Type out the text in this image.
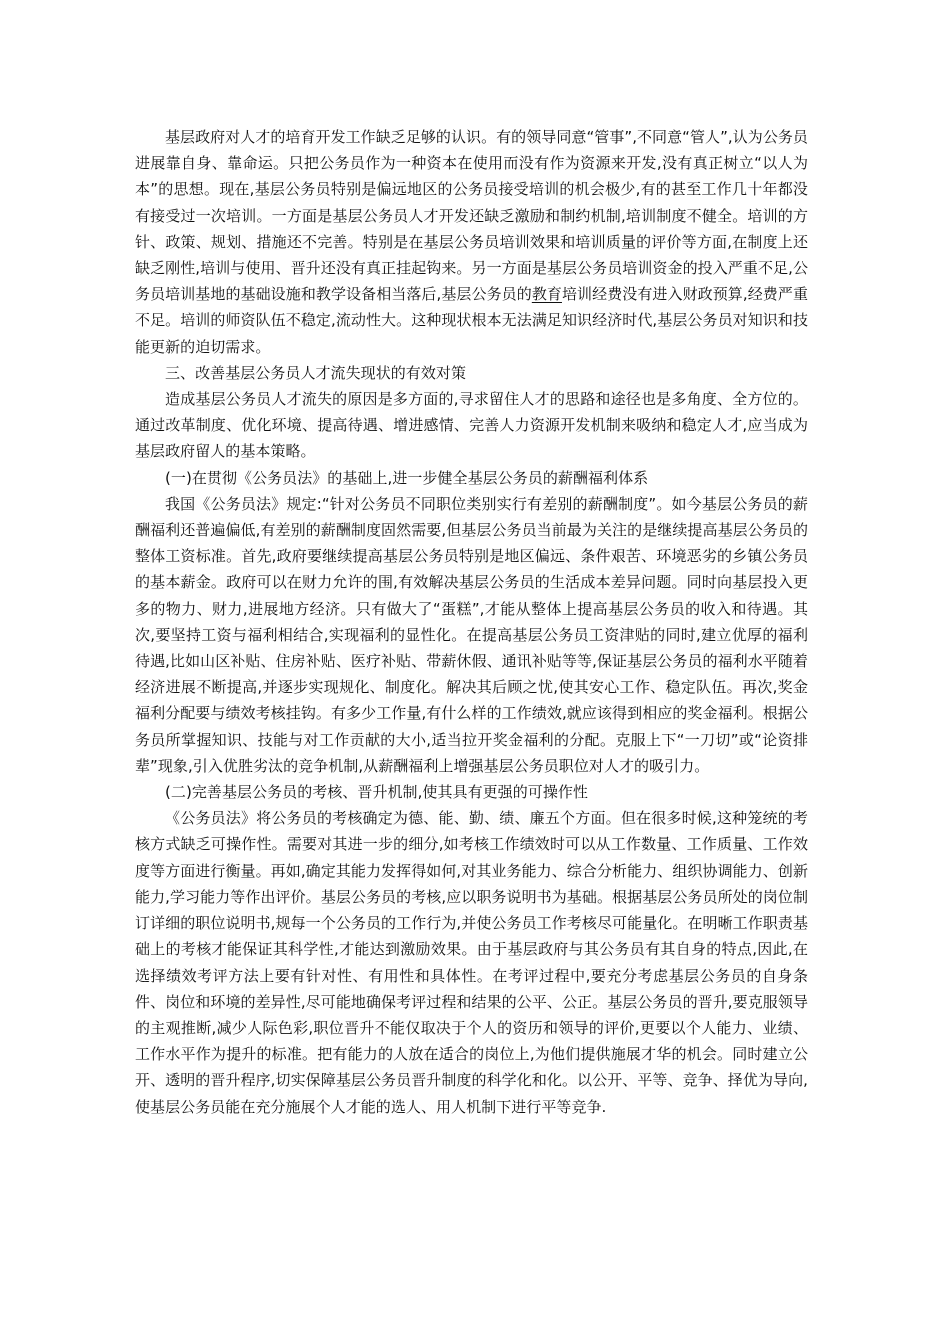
基层政府对人才的培育开发工作缺乏足够的认识。有的领导同意“管事”,不同意“管人”,认为公务员进展靠自身、靠命运。只把公务员作为一种资本在使用而没有作为资源来开发,没有真正树立“以人为本”的思想。现在,基层公务员特别是偏远地区的公务员接受培训的机会极少,有的甚至工作几十年都没有接受过一次培训。一方面是基层公务员人才开发还缺乏激励和制约机制,培训制度不健全。培训的方针、政策、规划、措施还不完善。特别是在基层公务员培训效果和培训质量的评价等方面,在制度上还缺乏刚性,培训与使用、晋升还没有真正挂起钩来。另一方面是基层公务员培训资金的投入严重不足,公务员培训基地的基础设施和教学设备相当落后,基层公务员的教育培训经费没有进入财政预算,经费严重不足。培训的师资队伍不稳定,流动性大。这种现状根本无法满足知识经济时代,基层公务员对知识和技能更新的迫切需求。

三、改善基层公务员人才流失现状的有效对策

造成基层公务员人才流失的原因是多方面的,寻求留住人才的思路和途径也是多角度、全方位的。通过改革制度、优化环境、提高待遇、增进感情、完善人力资源开发机制来吸纳和稳定人才,应当成为基层政府留人的基本策略。

(一)在贯彻《公务员法》的基础上,进一步健全基层公务员的薪酬福利体系

我国《公务员法》规定:“针对公务员不同职位类别实行有差别的薪酬制度”。如今基层公务员的薪酬福利还普遍偏低,有差别的薪酬制度固然需要,但基层公务员当前最为关注的是继续提高基层公务员的整体工资标准。首先,政府要继续提高基层公务员特别是地区偏远、条件艰苦、环境恶劣的乡镇公务员的基本薪金。政府可以在财力允许的围,有效解决基层公务员的生活成本差异问题。同时向基层投入更多的物力、财力,进展地方经济。只有做大了“蛋糕”,才能从整体上提高基层公务员的收入和待遇。其次,要坚持工资与福利相结合,实现福利的显性化。在提高基层公务员工资津贴的同时,建立优厚的福利待遇,比如山区补贴、住房补贴、医疗补贴、带薪休假、通讯补贴等等,保证基层公务员的福利水平随着经济进展不断提高,并逐步实现规化、制度化。解决其后顾之忧,使其安心工作、稳定队伍。再次,奖金福利分配要与绩效考核挂钩。有多少工作量,有什么样的工作绩效,就应该得到相应的奖金福利。根据公务员所掌握知识、技能与对工作贡献的大小,适当拉开奖金福利的分配。克服上下“一刀切”或“论资排辈”现象,引入优胜劣汰的竞争机制,从薪酬福利上增强基层公务员职位对人才的吸引力。

(二)完善基层公务员的考核、晋升机制,使其具有更强的可操作性

《公务员法》将公务员的考核确定为德、能、勤、绩、廉五个方面。但在很多时候,这种笼统的考核方式缺乏可操作性。需要对其进一步的细分,如考核工作绩效时可以从工作数量、工作质量、工作效度等方面进行衡量。再如,确定其能力发挥得如何,对其业务能力、综合分析能力、组织协调能力、创新能力,学习能力等作出评价。基层公务员的考核,应以职务说明书为基础。根据基层公务员所处的岗位制订详细的职位说明书,规每一个公务员的工作行为,并使公务员工作考核尽可能量化。在明晰工作职责基础上的考核才能保证其科学性,才能达到激励效果。由于基层政府与其公务员有其自身的特点,因此,在选择绩效考评方法上要有针对性、有用性和具体性。在考评过程中,要充分考虑基层公务员的自身条件、岗位和环境的差异性,尽可能地确保考评过程和结果的公平、公正。基层公务员的晋升,要克服领导的主观推断,减少人际色彩,职位晋升不能仅取决于个人的资历和领导的评价,更要以个人能力、业绩、工作水平作为提升的标准。把有能力的人放在适合的岗位上,为他们提供施展才华的机会。同时建立公开、透明的晋升程序,切实保障基层公务员晋升制度的科学化和化。以公开、平等、竞争、择优为导向,使基层公务员能在充分施展个人才能的选人、用人机制下进行平等竞争.
